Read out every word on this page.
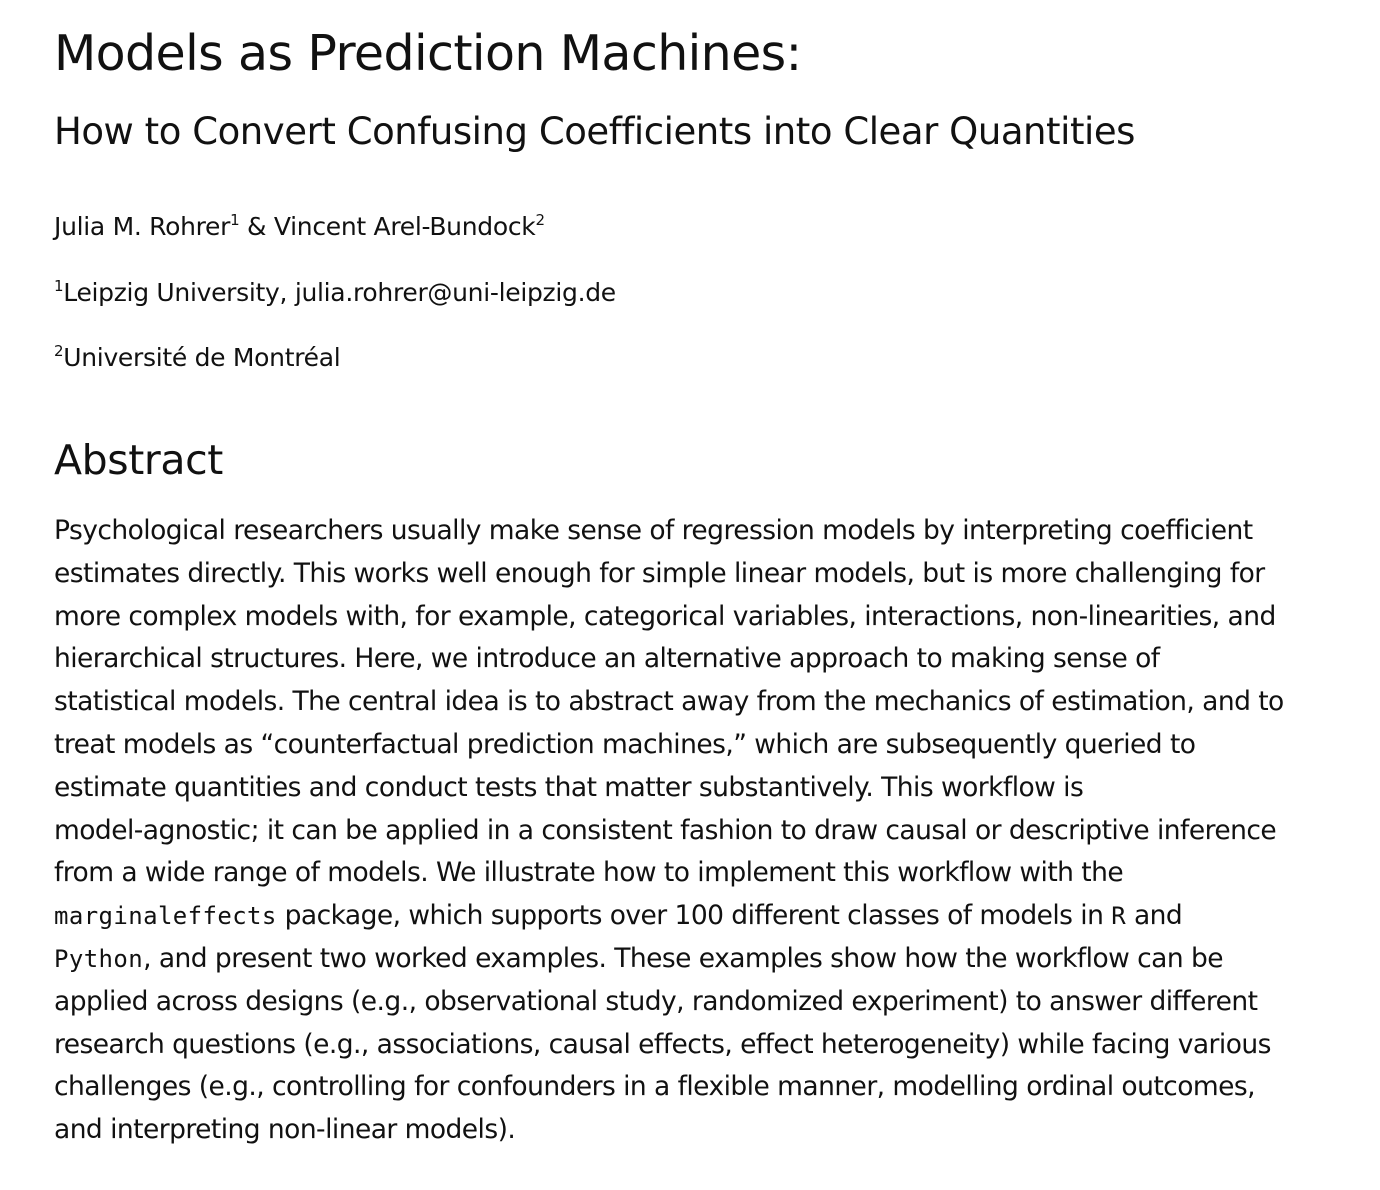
Models as Prediction Machines:
How to Convert Confusing Coefficients into Clear Quantities

Julia M. Rohrer$^1$ & Vincent Arel-Bundock$^2$

$^1$Leipzig University, julia.rohrer@uni-leipzig.de

$^2$Université de Montréal

Abstract
Psychological researchers usually make sense of regression models by interpreting coefficient
estimates directly. This works well enough for simple linear models, but is more challenging for
more complex models with, for example, categorical variables, interactions, non-linearities, and
hierarchical structures. Here, we introduce an alternative approach to making sense of
statistical models. The central idea is to abstract away from the mechanics of estimation, and to
treat models as “counterfactual prediction machines,” which are subsequently queried to
estimate quantities and conduct tests that matter substantively. This workflow is
model-agnostic; it can be applied in a consistent fashion to draw causal or descriptive inference
from a wide range of models. We illustrate how to implement this workflow with the
marginaleffects package, which supports over 100 different classes of models in R and
Python, and present two worked examples. These examples show how the workflow can be
applied across designs (e.g., observational study, randomized experiment) to answer different
research questions (e.g., associations, causal effects, effect heterogeneity) while facing various
challenges (e.g., controlling for confounders in a flexible manner, modelling ordinal outcomes,
and interpreting non-linear models).
